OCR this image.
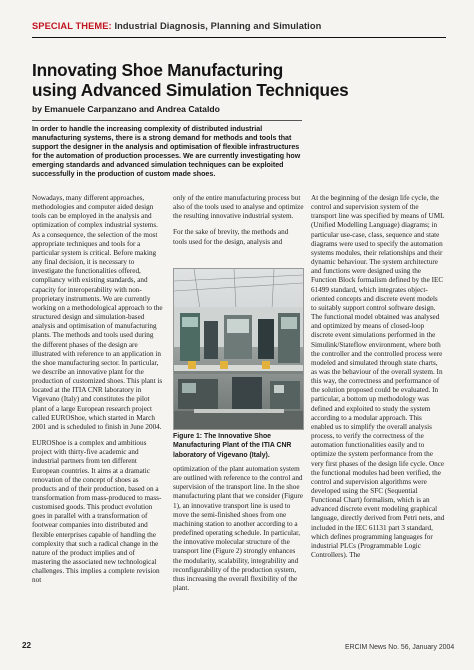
SPECIAL THEME: Industrial Diagnosis, Planning and Simulation
Innovating Shoe Manufacturing
using Advanced Simulation Techniques
by Emanuele Carpanzano and Andrea Cataldo
In order to handle the increasing complexity of distributed industrial manufacturing systems, there is a strong demand for methods and tools that support the designer in the analysis and optimisation of flexible infrastructures for the automation of production processes. We are currently investigating how emerging standards and advanced simulation techniques can be exploited successfully in the production of custom made shoes.

Nowadays, many different approaches, methodologies and computer aided design tools can be employed in the analysis and optimization of complex industrial systems. As a consequence, the selection of the most appropriate techniques and tools for a particular system is critical. Before making any final decision, it is necessary to investigate the functionalities offered, compliancy with existing standards, and capacity for interoperability with non-proprietary instruments. We are currently working on a methodological approach to the structured design and simulation-based analysis and optimisation of manufacturing plants. The methods and tools used during the different phases of the design are illustrated with reference to an application in the shoe manufacturing sector. In particular, we describe an innovative plant for the production of customized shoes. This plant is located at the ITIA CNR laboratory in Vigevano (Italy) and constitutes the pilot plant of a large European research project called EUROShoe, which started in March 2001 and is scheduled to finish in June 2004.

EUROShoe is a complex and ambitious project with thirty-five academic and industrial partners from ten different European countries. It aims at a dramatic renovation of the concept of shoes as products and of their production, based on a transformation from mass-produced to mass-customised goods. This product evolution goes in parallel with a transformation of footwear companies into distributed and flexible enterprises capable of handling the complexity that such a radical change in the nature of the product implies and of mastering the associated new technological challenges. This implies a complete revision not

only of the entire manufacturing process but also of the tools used to analyse and optimize the resulting innovative industrial system.

For the sake of brevity, the methods and tools used for the design, analysis and

Figure 1: The Innovative Shoe Manufacturing Plant of the ITIA CNR laboratory of Vigevano (Italy).

optimization of the plant automation system are outlined with reference to the control and supervision of the transport line. In the shoe manufacturing plant that we consider (Figure 1), an innovative transport line is used to move the semi-finished shoes from one machining station to another according to a predefined operating schedule. In particular, the innovative molecular structure of the transport line (Figure 2) strongly enhances the modularity, scalability, integrability and reconfigurability of the production system, thus increasing the overall flexibility of the plant.

At the beginning of the design life cycle, the control and supervision system of the transport line was specified by means of UML (Unified Modelling Language) diagrams; in particular use-case, class, sequence and state diagrams were used to specify the automation systems modules, their relationships and their dynamic behaviour. The system architecture and functions were designed using the Function Block formalism defined by the IEC 61499 standard, which integrates object-oriented concepts and discrete event models to suitably support control software design. The functional model obtained was analysed and optimized by means of closed-loop discrete event simulations performed in the Simulink/Stateflow environment, where both the controller and the controlled process were modeled and simulated through state charts, as was the behaviour of the overall system. In this way, the correctness and performance of the solution proposed could be evaluated. In particular, a bottom up methodology was defined and exploited to study the system according to a modular approach. This enabled us to simplify the overall analysis process, to verify the correctness of the automation functionalities easily and to optimize the system performance from the very first phases of the design life cycle. Once the functional modules had been verified, the control and supervision algorithms were developed using the SFC (Sequential Functional Chart) formalism, which is an advanced discrete event modeling graphical language, directly derived from Petri nets, and included in the IEC 61131 part 3 standard, which defines programming languages for industrial PLCs (Programmable Logic Controllers). The

22	ERCIM News No. 56, January 2004
